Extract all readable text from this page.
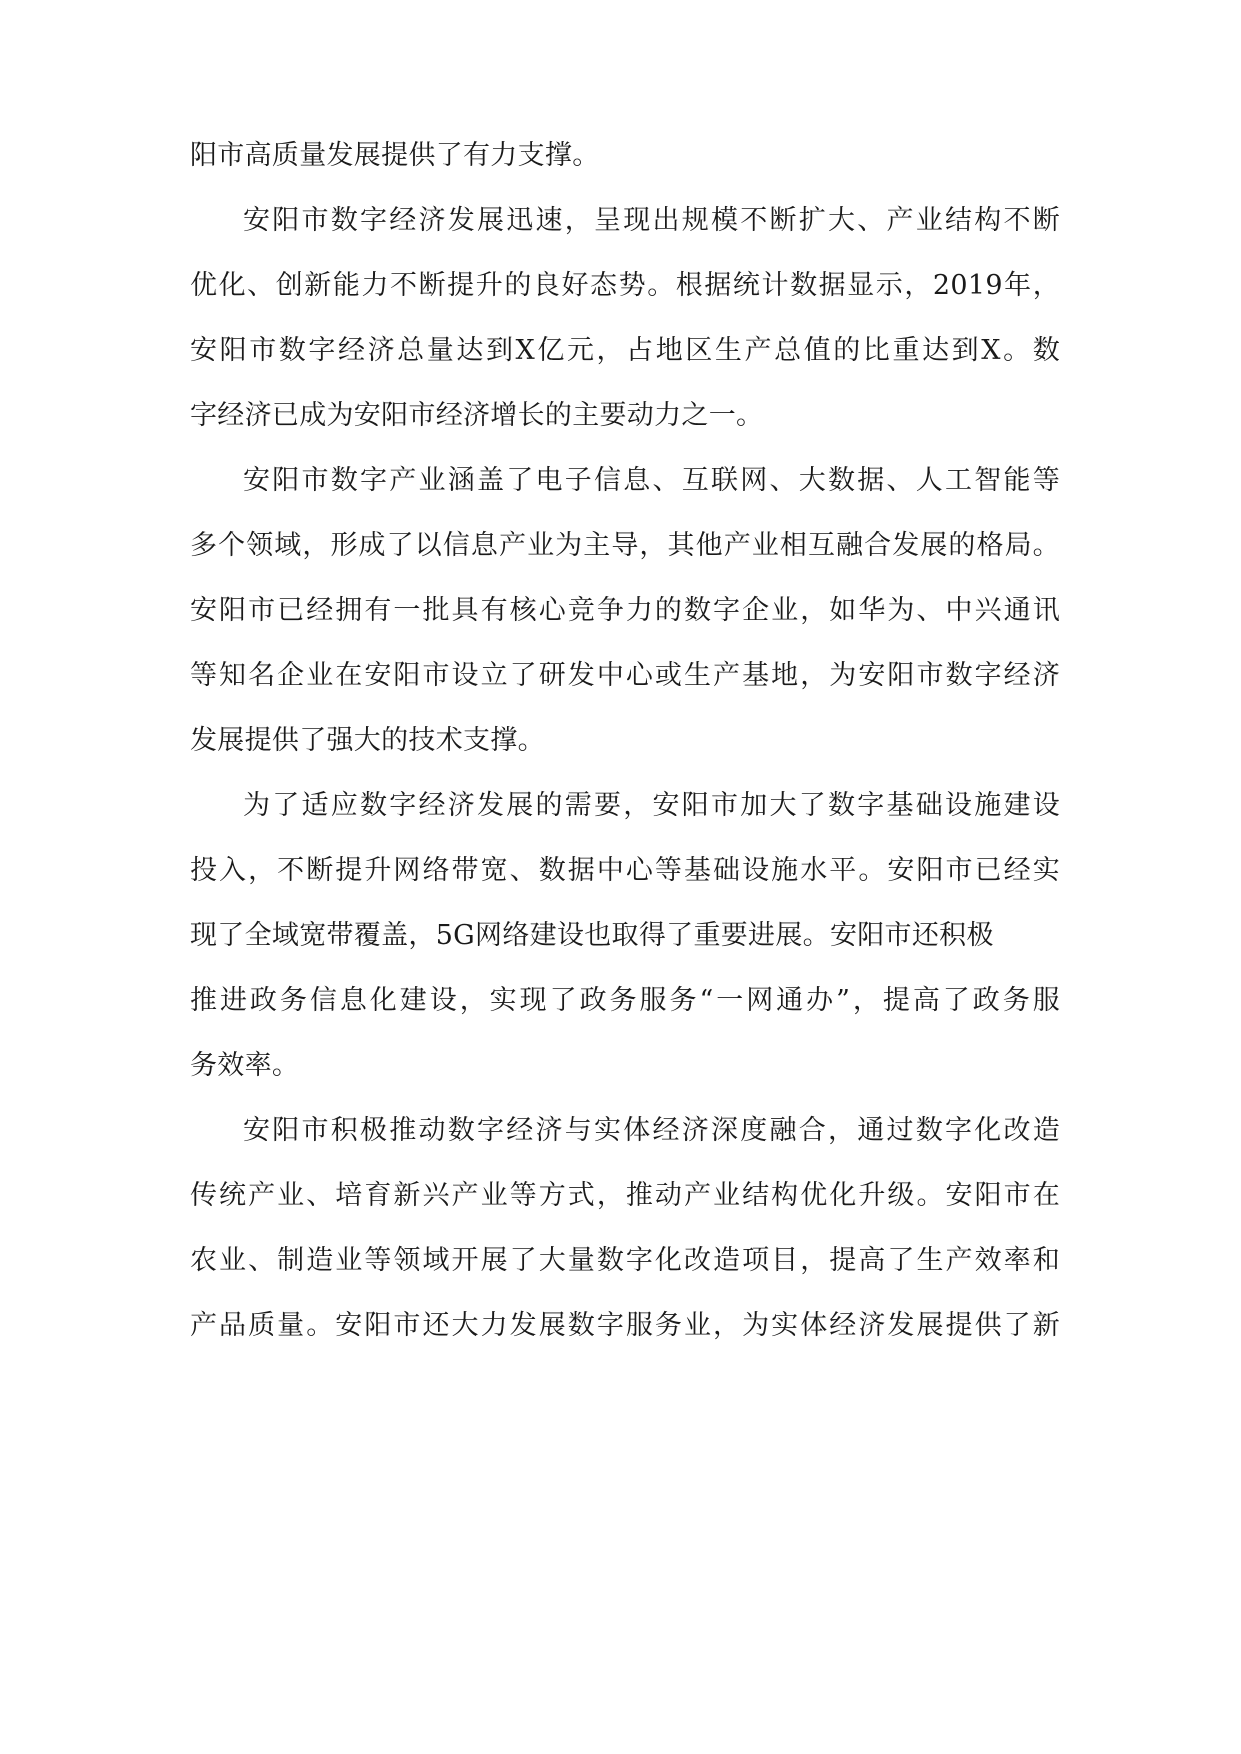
阳市高质量发展提供了有力支撑。
安阳市数字经济发展迅速，呈现出规模不断扩大、产业结构不断
优化、创新能力不断提升的良好态势。根据统计数据显示，2019年，
安阳市数字经济总量达到X亿元，占地区生产总值的比重达到X。数
字经济已成为安阳市经济增长的主要动力之一。
安阳市数字产业涵盖了电子信息、互联网、大数据、人工智能等
多个领域，形成了以信息产业为主导，其他产业相互融合发展的格局。
安阳市已经拥有一批具有核心竞争力的数字企业，如华为、中兴通讯
等知名企业在安阳市设立了研发中心或生产基地，为安阳市数字经济
发展提供了强大的技术支撑。
为了适应数字经济发展的需要，安阳市加大了数字基础设施建设
投入，不断提升网络带宽、数据中心等基础设施水平。安阳市已经实
现了全域宽带覆盖，5G网络建设也取得了重要进展。安阳市还积极
推进政务信息化建设，实现了政务服务“一网通办”，提高了政务服
务效率。
安阳市积极推动数字经济与实体经济深度融合，通过数字化改造
传统产业、培育新兴产业等方式，推动产业结构优化升级。安阳市在
农业、制造业等领域开展了大量数字化改造项目，提高了生产效率和
产品质量。安阳市还大力发展数字服务业，为实体经济发展提供了新
